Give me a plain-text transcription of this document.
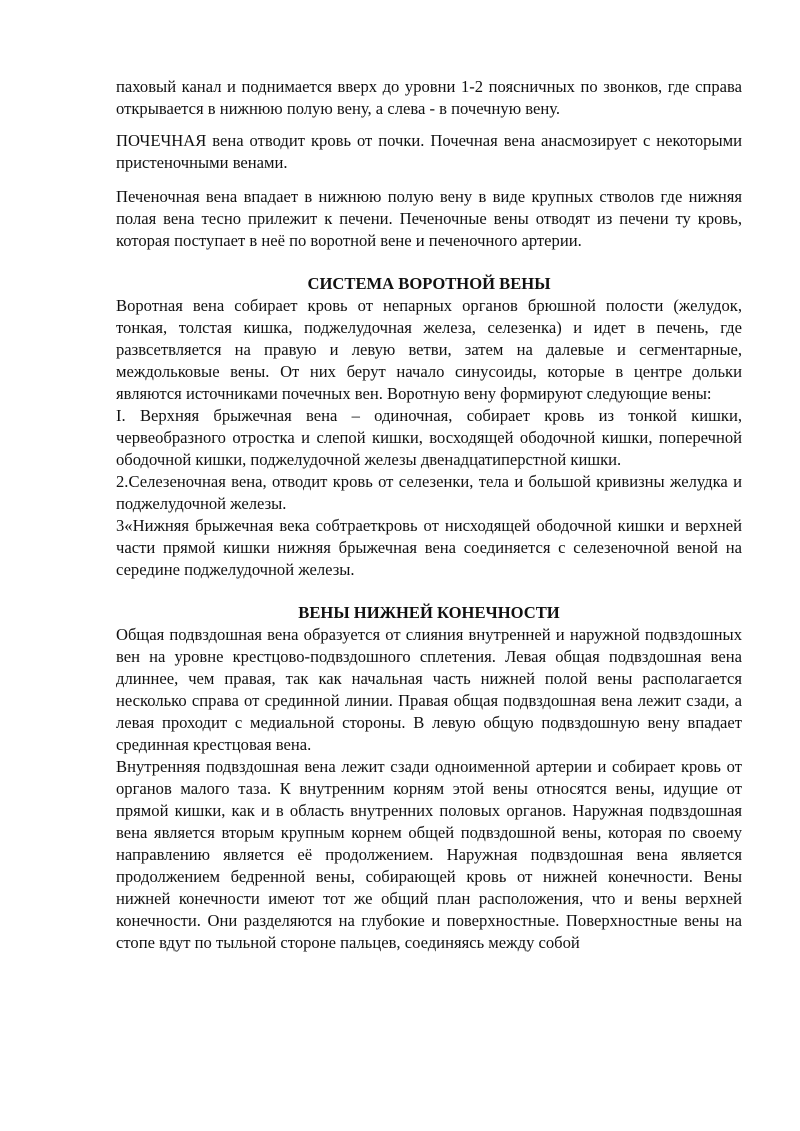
паховый канал и поднимается вверх до уровни 1-2 поясничных по звонков, где справа открывается в нижнюю полую вену, а слева - в почечную вену.

ПОЧЕЧНАЯ вена отводит кровь от почки. Почечная вена анасмозирует с некоторыми пристеночными венами.

Печеночная вена впадает в нижнюю полую вену в виде крупных стволов где нижняя полая вена тесно прилежит к печени. Печеночные вены отводят из печени ту кровь, которая поступает в неё по воротной вене и печеночного артерии.

СИСТЕМА ВОРОТНОЙ ВЕНЫ

Воротная вена собирает кровь от непарных органов брюшной полости (желудок, тонкая, толстая кишка, поджелудочная железа, селезенка) и идет в печень, где развсетвляется на правую и левую ветви, затем на далевые и сегментарные, междольковые вены. От них берут начало синусоиды, которые в центре дольки являются источниками почечных вен. Воротную вену формируют следующие вены:

I. Верхняя брыжечная вена – одиночная, собирает кровь из тонкой кишки, червеобразного отростка и слепой кишки, восходящей ободочной кишки, поперечной ободочной кишки, поджелудочной железы двенадцатиперстной кишки.

2.Селезеночная вена, отводит кровь от селезенки, тела и большой кривизны желудка и поджелудочной железы.

3«Нижняя брыжечная века собтраеткровь от нисходящей ободочной кишки и верхней части прямой кишки нижняя брыжечная вена соединяется с селезеночной веной на середине поджелудочной железы.

ВЕНЫ НИЖНЕЙ КОНЕЧНОСТИ

Общая подвздошная вена образуется от слияния внутренней и наружной подвздошных вен на уровне крестцово-подвздошного сплетения. Левая общая подвздошная вена длиннее, чем правая, так как начальная часть нижней полой вены располагается несколько справа от срединной линии. Правая общая подвздошная вена лежит сзади, а левая проходит с медиальной стороны. В левую общую подвздошную вену впадает срединная крестцовая вена.

Внутренняя подвздошная вена лежит сзади одноименной артерии и собирает кровь от органов малого таза. К внутренним корням этой вены относятся вены, идущие от прямой кишки, как и в область внутренних половых органов. Наружная подвздошная вена является вторым крупным корнем общей подвздошной вены, которая по своему направлению является её продолжением. Наружная подвздошная вена является продолжением бедренной вены, собирающей кровь от нижней конечности. Вены нижней конечности имеют тот же общий план расположения, что и вены верхней конечности. Они разделяются на глубокие и поверхностные. Поверхностные вены на стопе вдут по тыльной стороне пальцев, соединяясь между собой
